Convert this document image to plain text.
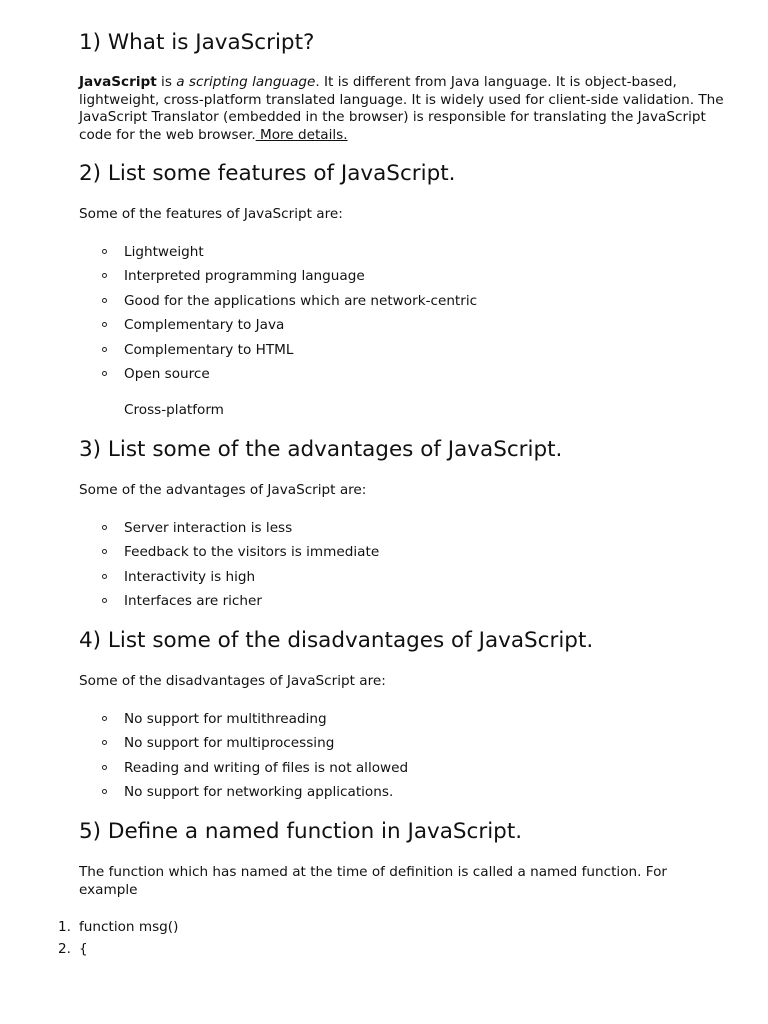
1) What is JavaScript?

JavaScript is a scripting language. It is different from Java language. It is object-based, lightweight, cross-platform translated language. It is widely used for client-side validation. The JavaScript Translator (embedded in the browser) is responsible for translating the JavaScript code for the web browser. More details.

2) List some features of JavaScript.

Some of the features of JavaScript are:

Lightweight
Interpreted programming language
Good for the applications which are network-centric
Complementary to Java
Complementary to HTML
Open source
Cross-platform
3) List some of the advantages of JavaScript.

Some of the advantages of JavaScript are:

Server interaction is less
Feedback to the visitors is immediate
Interactivity is high
Interfaces are richer
4) List some of the disadvantages of JavaScript.

Some of the disadvantages of JavaScript are:

No support for multithreading
No support for multiprocessing
Reading and writing of files is not allowed
No support for networking applications.
5) Define a named function in JavaScript.

The function which has named at the time of definition is called a named function. For example

1. function msg()
2. {
